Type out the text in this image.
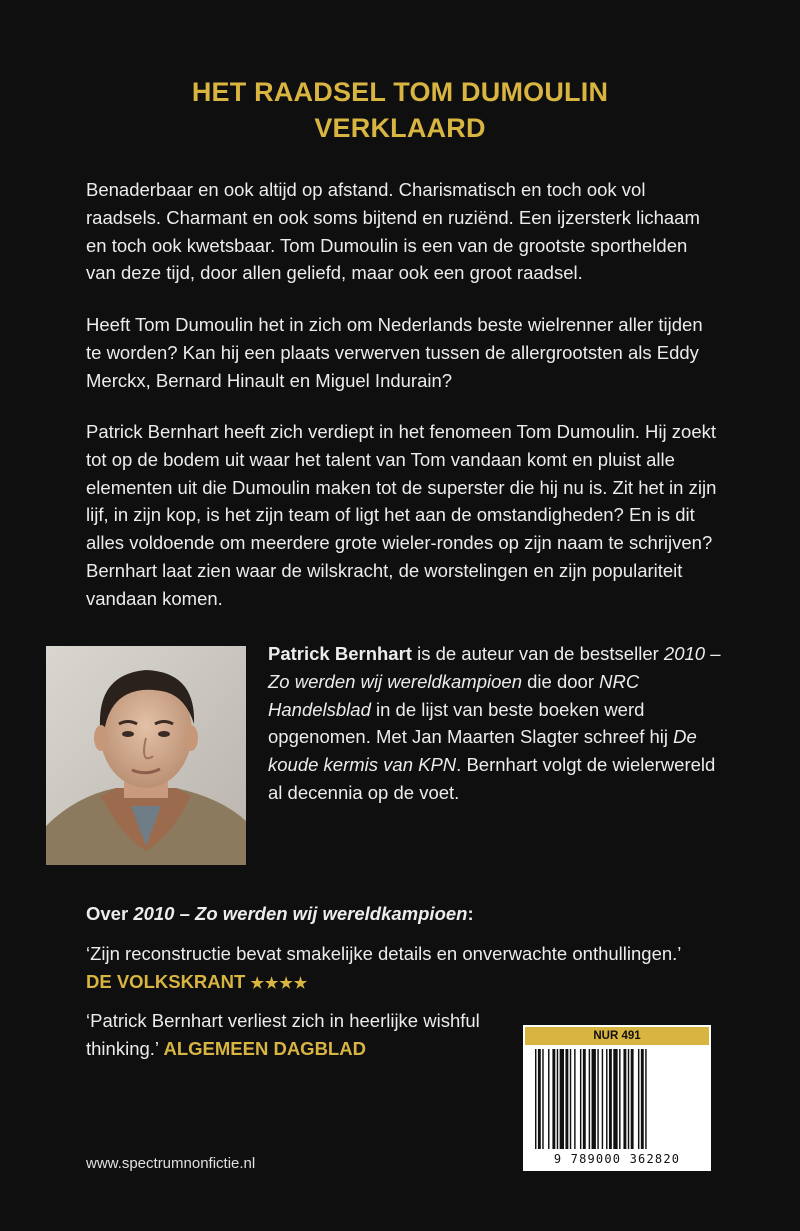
HET RAADSEL TOM DUMOULIN
VERKLAARD

Benaderbaar en ook altijd op afstand. Charismatisch en toch ook vol raadsels. Charmant en ook soms bijtend en ruziënd. Een ijzersterk lichaam en toch ook kwetsbaar. Tom Dumoulin is een van de grootste sporthelden van deze tijd, door allen geliefd, maar ook een groot raadsel.

Heeft Tom Dumoulin het in zich om Nederlands beste wielrenner aller tijden te worden? Kan hij een plaats verwerven tussen de allergrootsten als Eddy Merckx, Bernard Hinault en Miguel Indurain?

Patrick Bernhart heeft zich verdiept in het fenomeen Tom Dumoulin. Hij zoekt tot op de bodem uit waar het talent van Tom vandaan komt en pluist alle elementen uit die Dumoulin maken tot de superster die hij nu is. Zit het in zijn lijf, in zijn kop, is het zijn team of ligt het aan de omstandigheden? En is dit alles voldoende om meerdere grote wieler-rondes op zijn naam te schrijven? Bernhart laat zien waar de wilskracht, de worstelingen en zijn populariteit vandaan komen.

Patrick Bernhart is de auteur van de bestseller 2010 – Zo werden wij wereldkampioen die door NRC Handelsblad in de lijst van beste boeken werd opgenomen. Met Jan Maarten Slagter schreef hij De koude kermis van KPN. Bernhart volgt de wielerwereld al decennia op de voet.

Over 2010 – Zo werden wij wereldkampioen:

‘Zijn reconstructie bevat smakelijke details en onverwachte onthullingen.’
DE VOLKSKRANT ★★★★

‘Patrick Bernhart verliest zich in heerlijke wishful thinking.’ ALGEMEEN DAGBLAD

www.spectrumnonfictie.nl
NUR 491
9 789000 362820
